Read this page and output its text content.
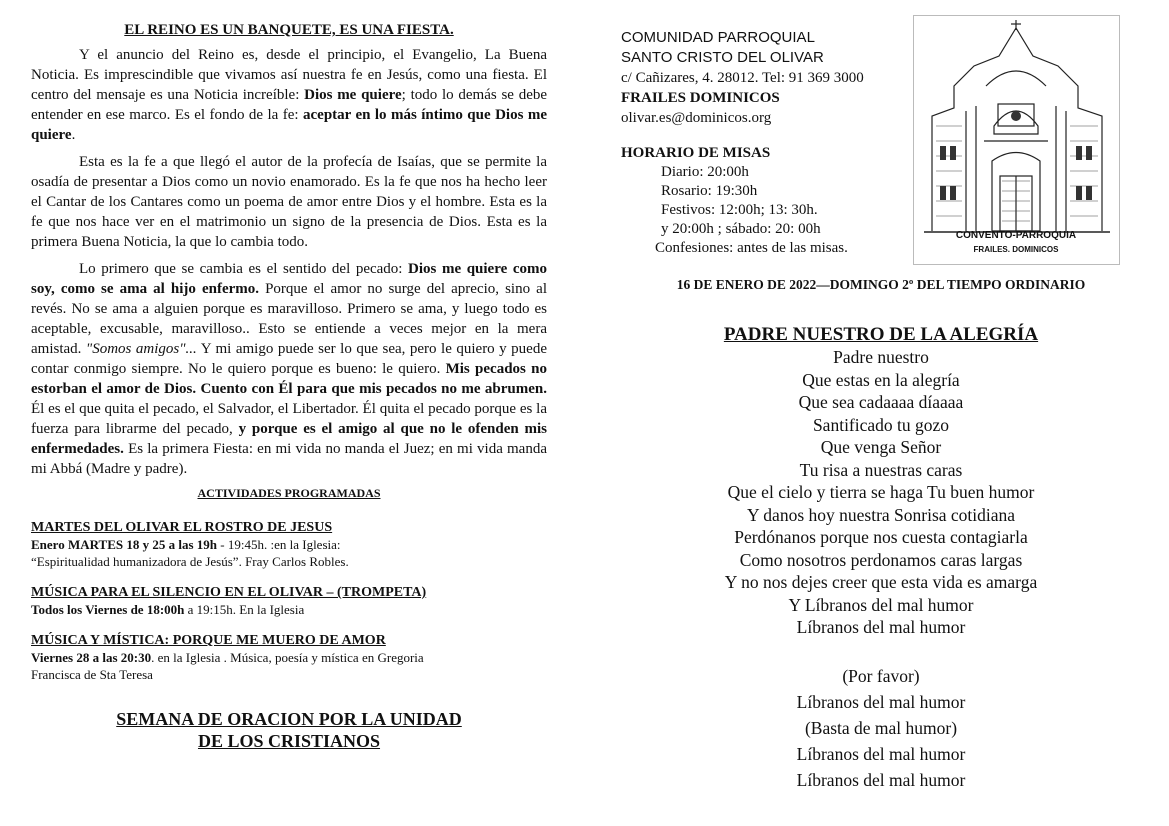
EL REINO ES UN BANQUETE, ES UNA FIESTA.

Y el anuncio del Reino es, desde el principio, el Evangelio, La Buena Noticia. Es imprescindible que vivamos así nuestra fe en Jesús, como una fiesta. El centro del mensaje es una Noticia increíble: Dios me quiere; todo lo demás se debe entender en ese marco. Es el fondo de la fe: aceptar en lo más íntimo que Dios me quiere.

Esta es la fe a que llegó el autor de la profecía de Isaías, que se permite la osadía de presentar a Dios como un novio enamorado. Es la fe que nos ha hecho leer el Cantar de los Cantares como un poema de amor entre Dios y el hombre. Esta es la fe que nos hace ver en el matrimonio un signo de la presencia de Dios. Esta es la primera Buena Noticia, la que lo cambia todo.

Lo primero que se cambia es el sentido del pecado: Dios me quiere como soy, como se ama al hijo enfermo. Porque el amor no surge del aprecio, sino al revés. No se ama a alguien porque es maravilloso. Primero se ama, y luego todo es aceptable, excusable, maravilloso.. Esto se entiende a veces mejor en la mera amistad. "Somos amigos"... Y mi amigo puede ser lo que sea, pero le quiero y puede contar conmigo siempre. No le quiero porque es bueno: le quiero. Mis pecados no estorban el amor de Dios. Cuento con Él para que mis pecados no me abrumen. Él es el que quita el pecado, el Salvador, el Libertador. Él quita el pecado porque es la fuerza para librarme del pecado, y porque es el amigo al que no le ofenden mis enfermedades. Es la primera Fiesta: en mi vida no manda el Juez; en mi vida manda mi Abbá (Madre y padre).

ACTIVIDADES PROGRAMADAS
MARTES DEL OLIVAR EL ROSTRO DE JESUS
Enero MARTES 18 y 25 a las 19h - 19:45h. :en la Iglesia:
“Espiritualidad humanizadora de Jesús”. Fray Carlos Robles.
MÚSICA PARA EL SILENCIO EN EL OLIVAR – (TROMPETA)
Todos los Viernes de 18:00h a 19:15h. En la Iglesia
MÚSICA Y MÍSTICA: PORQUE ME MUERO DE AMOR
Viernes 28 a las 20:30. en la Iglesia . Música, poesía y mística en Gregoria
Francisca de Sta Teresa
SEMANA DE ORACION POR LA UNIDAD
DE LOS CRISTIANOS
COMUNIDAD PARROQUIAL
SANTO CRISTO DEL OLIVAR
c/ Cañizares, 4. 28012. Tel: 91 369 3000
FRAILES DOMINICOS
olivar.es@dominicos.org
HORARIO DE MISAS
Diario: 20:00h
Rosario: 19:30h
Festivos: 12:00h; 13: 30h.
y 20:00h ; sábado: 20: 00h
Confesiones: antes de las misas.
CONVENTO-PARROQUIA
FRAILES. DOMINICOS
16 DE ENERO DE 2022—DOMINGO 2º DEL TIEMPO ORDINARIO
PADRE NUESTRO DE LA ALEGRÍA
Padre nuestro
Que estas en la alegría
Que sea cadaaaa díaaaa
Santificado tu gozo
Que venga Señor
Tu risa a nuestras caras
Que el cielo y tierra se haga Tu buen humor
Y danos hoy nuestra Sonrisa cotidiana
Perdónanos porque nos cuesta contagiarla
Como nosotros perdonamos caras largas
Y no nos dejes creer que esta vida es amarga
Y Líbranos del mal humor
Líbranos del mal humor
(Por favor)
Líbranos del mal humor
(Basta de mal humor)
Líbranos del mal humor
Líbranos del mal humor
